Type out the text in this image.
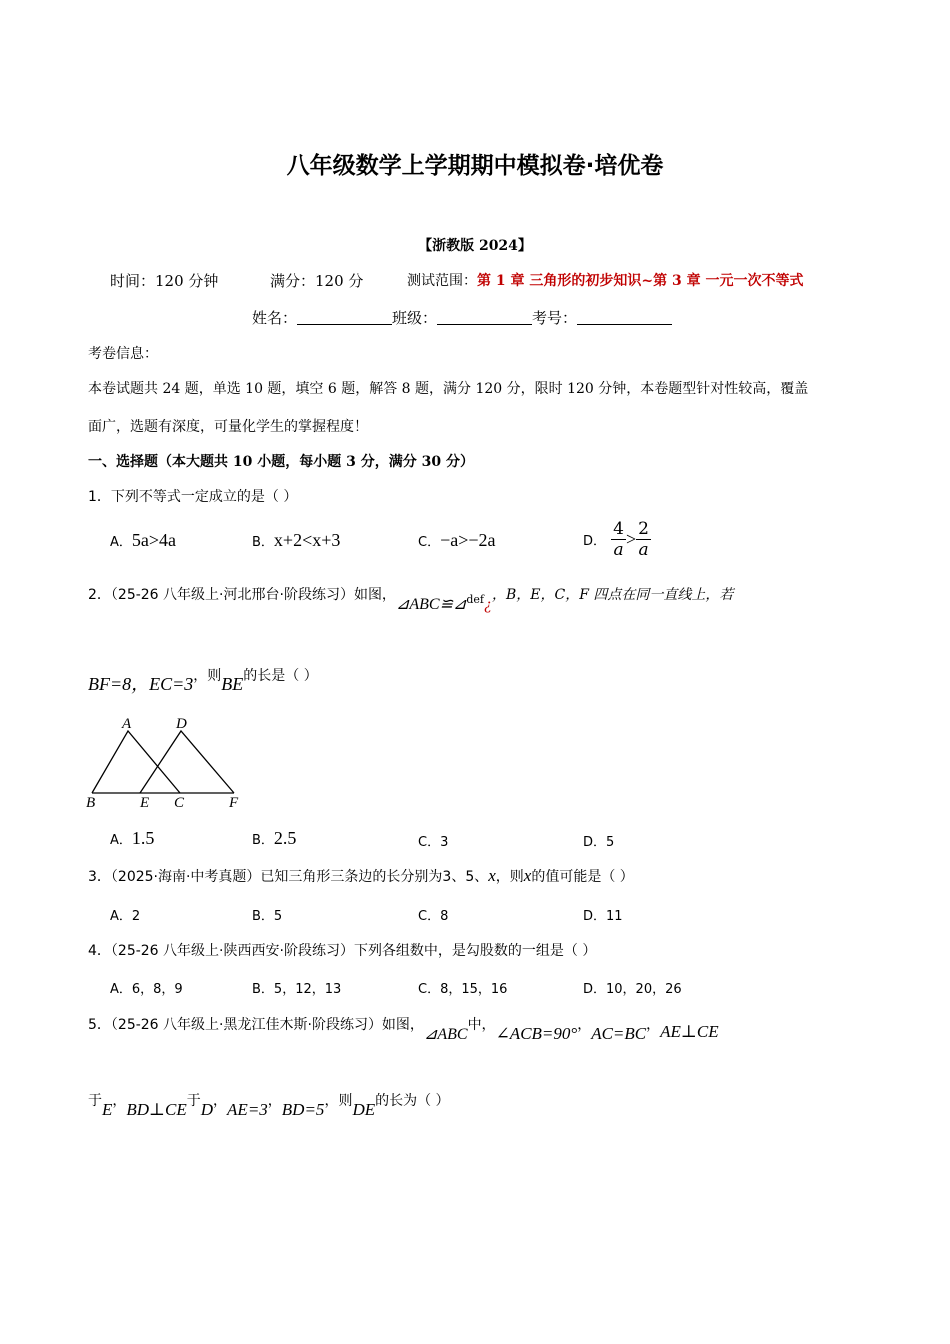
八年级数学上学期期中模拟卷·培优卷
【浙教版 2024】
时间：120 分钟	满分：120 分	测试范围：第 1 章 三角形的初步知识~第 3 章 一元一次不等式
姓名：	班级：	考号：
考卷信息：
本卷试题共 24 题，单选 10 题，填空 6 题，解答 8 题，满分 120 分，限时 120 分钟，本卷题型针对性较高，覆盖
面广，选题有深度，可量化学生的掌握程度！
一、选择题（本大题共 10 小题，每小题 3 分，满分 30 分）
1．下列不等式一定成立的是（ ）
A．5a>4a	B．x+2<x+3	C．−a>−2a	D． $\frac{4}{a} > \frac{2}{a}$
2．（25-26 八年级上·河北邢台·阶段练习）如图，$⊿ABC≌⊿_{def}¿$，B，E，C，F 四点在同一直线上，若
BF=8，EC=3，则BE的长是（ ）
A	D
B	E C	F
A．1.5	B．2.5	C．3	D．5
3．（2025·海南·中考真题）已知三角形三条边的长分别为3、5、x，则x的值可能是（ ）
A．2	B．5	C．8	D．11
4．（25-26 八年级上·陕西西安·阶段练习）下列各组数中，是勾股数的一组是（ ）
A．6，8，9	B．5，12，13	C．8，15，16	D．10，20，26
5．（25-26 八年级上·黑龙江佳木斯·阶段练习）如图，⊿ABC中，∠ACB=90°，AC=BC，AE⊥CE
于E，BD⊥CE于D，AE=3，BD=5，则DE的长为（ ）
